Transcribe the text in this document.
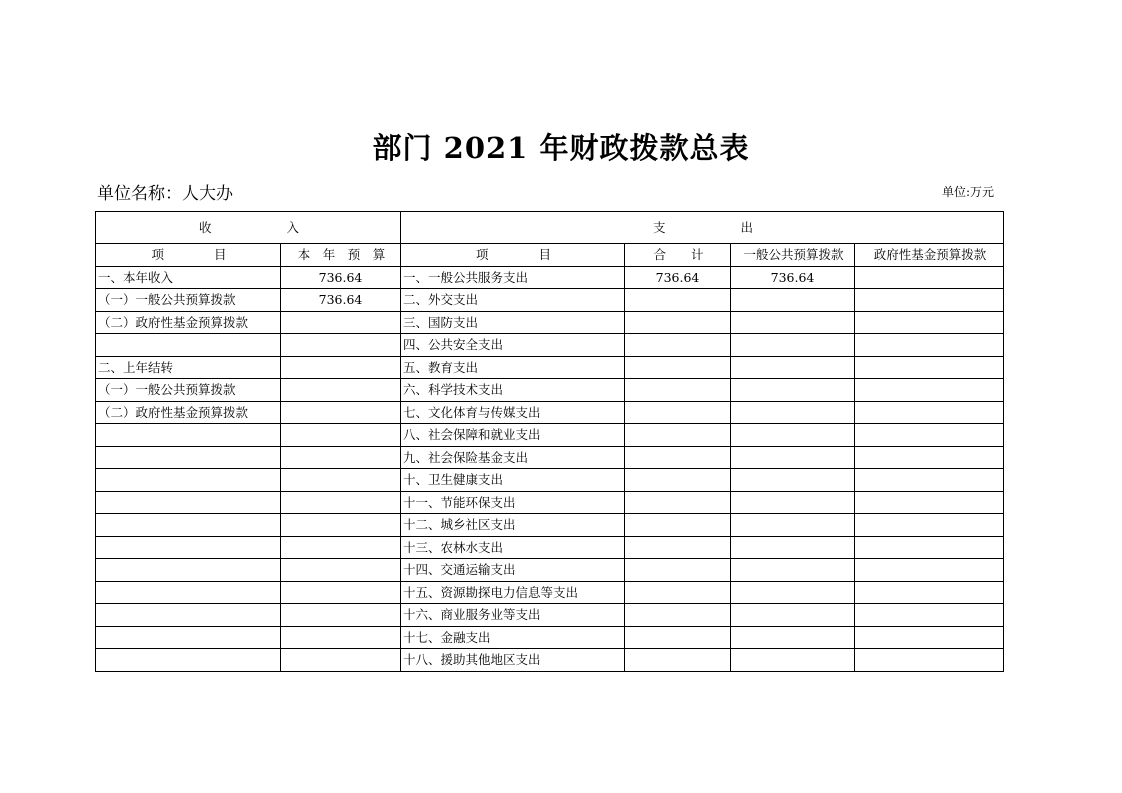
部门 2021 年财政拨款总表
单位名称：人大办	单位:万元
收　　　　　　入		支　　　　　　出			
项　　　　目	本　年　预　算	项　　　　目	合　　计	一般公共预算拨款	政府性基金预算拨款
一、本年收入	736.64	一、一般公共服务支出	736.64	736.64	
（一）一般公共预算拨款	736.64	二、外交支出			
（二）政府性基金预算拨款		三、国防支出			
		四、公共安全支出			
二、上年结转		五、教育支出			
（一）一般公共预算拨款		六、科学技术支出			
（二）政府性基金预算拨款		七、文化体育与传媒支出			
		八、社会保障和就业支出			
		九、社会保险基金支出			
		十、卫生健康支出			
		十一、节能环保支出			
		十二、城乡社区支出			
		十三、农林水支出			
		十四、交通运输支出			
		十五、资源勘探电力信息等支出			
		十六、商业服务业等支出			
		十七、金融支出			
		十八、援助其他地区支出			
